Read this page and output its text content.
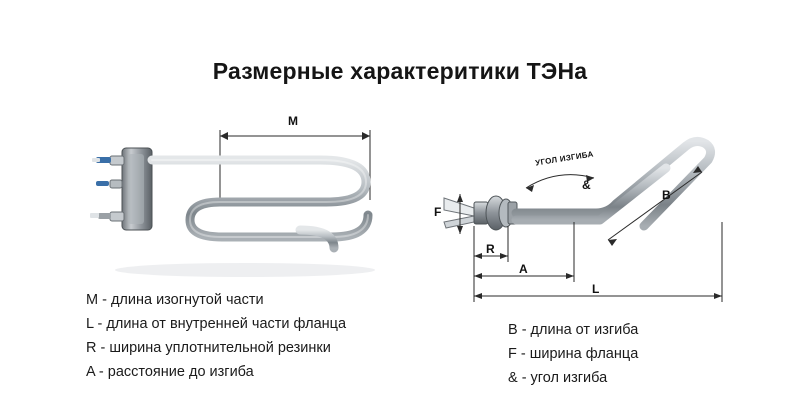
Размерные характеритики ТЭНа
M
F
R
A
B
L
&
УГОЛ ИЗГИБА
M - длина изогнутой части
L - длина от внутренней части фланца
R - ширина уплотнительной резинки
A - расстояние до изгиба
B - длина от изгиба
F - ширина фланца
& - угол изгиба
